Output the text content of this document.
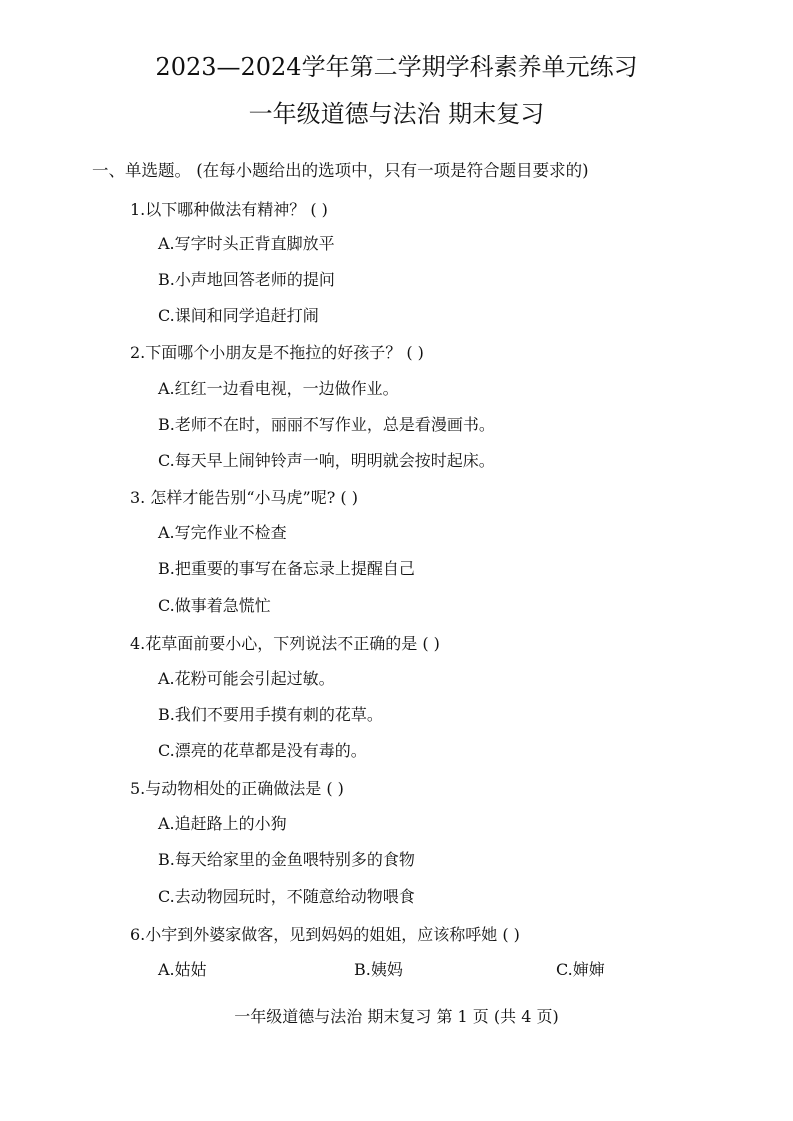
2023—2024学年第二学期学科素养单元练习
一年级道德与法治 期末复习
一、单选题。 (在每小题给出的选项中，只有一项是符合题目要求的)
1.以下哪种做法有精神？ ( )
A.写字时头正背直脚放平
B.小声地回答老师的提问
C.课间和同学追赶打闹
2.下面哪个小朋友是不拖拉的好孩子？ ( )
A.红红一边看电视，一边做作业。
B.老师不在时，丽丽不写作业，总是看漫画书。
C.每天早上闹钟铃声一响，明明就会按时起床。
3. 怎样才能告别“小马虎”呢? ( )
A.写完作业不检查
B.把重要的事写在备忘录上提醒自己
C.做事着急慌忙
4.花草面前要小心，下列说法不正确的是 ( )
A.花粉可能会引起过敏。
B.我们不要用手摸有刺的花草。
C.漂亮的花草都是没有毒的。
5.与动物相处的正确做法是 ( )
A.追赶路上的小狗
B.每天给家里的金鱼喂特别多的食物
C.去动物园玩时，不随意给动物喂食
6.小宇到外婆家做客，见到妈妈的姐姐，应该称呼她 ( )
A.姑姑	B.姨妈	C.婶婶
一年级道德与法治 期末复习 第 1 页 (共 4 页)
